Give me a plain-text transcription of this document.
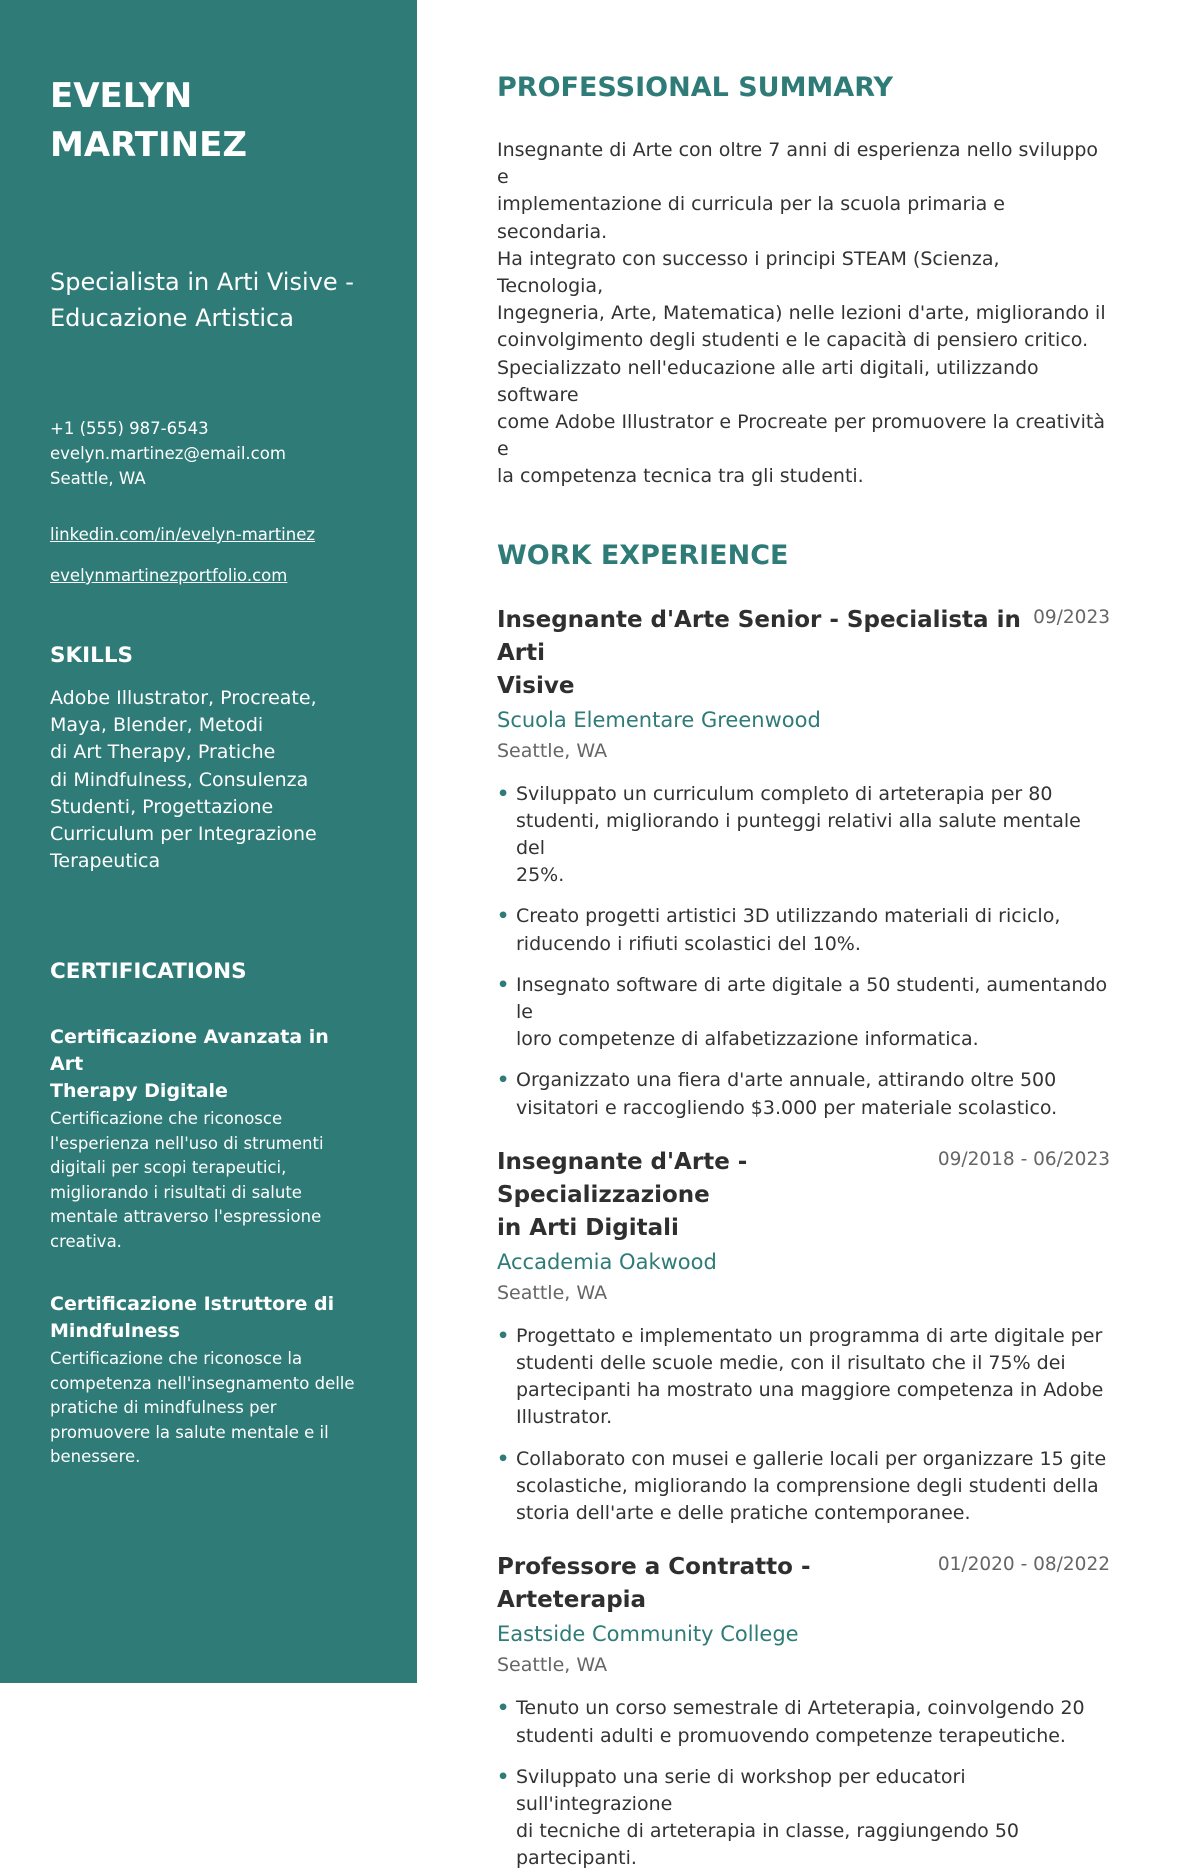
EVELYN
MARTINEZ
Specialista in Arti Visive -
Educazione Artistica
+1 (555) 987-6543
evelyn.martinez@email.com
Seattle, WA
linkedin.com/in/evelyn-martinez
evelynmartinezportfolio.com
SKILLS
Adobe Illustrator, Procreate,
Maya, Blender, Metodi
di Art Therapy, Pratiche
di Mindfulness, Consulenza
Studenti, Progettazione
Curriculum per Integrazione
Terapeutica
CERTIFICATIONS
Certificazione Avanzata in Art
Therapy Digitale
Certificazione che riconosce
l'esperienza nell'uso di strumenti
digitali per scopi terapeutici,
migliorando i risultati di salute
mentale attraverso l'espressione
creativa.
Certificazione Istruttore di
Mindfulness
Certificazione che riconosce la
competenza nell'insegnamento delle
pratiche di mindfulness per
promuovere la salute mentale e il
benessere.
PROFESSIONAL SUMMARY
Insegnante di Arte con oltre 7 anni di esperienza nello sviluppo e
implementazione di curricula per la scuola primaria e secondaria.
Ha integrato con successo i principi STEAM (Scienza, Tecnologia,
Ingegneria, Arte, Matematica) nelle lezioni d'arte, migliorando il
coinvolgimento degli studenti e le capacità di pensiero critico.
Specializzato nell'educazione alle arti digitali, utilizzando software
come Adobe Illustrator e Procreate per promuovere la creatività e
la competenza tecnica tra gli studenti.
WORK EXPERIENCE
Insegnante d'Arte Senior - Specialista in Arti
Visive
09/2023
Scuola Elementare Greenwood
Seattle, WA
• Sviluppato un curriculum completo di arteterapia per 80
studenti, migliorando i punteggi relativi alla salute mentale del
25%.
• Creato progetti artistici 3D utilizzando materiali di riciclo,
riducendo i rifiuti scolastici del 10%.
• Insegnato software di arte digitale a 50 studenti, aumentando le
loro competenze di alfabetizzazione informatica.
• Organizzato una fiera d'arte annuale, attirando oltre 500
visitatori e raccogliendo $3.000 per materiale scolastico.
Insegnante d'Arte - Specializzazione
in Arti Digitali
09/2018 - 06/2023
Accademia Oakwood
Seattle, WA
• Progettato e implementato un programma di arte digitale per
studenti delle scuole medie, con il risultato che il 75% dei
partecipanti ha mostrato una maggiore competenza in Adobe
Illustrator.
• Collaborato con musei e gallerie locali per organizzare 15 gite
scolastiche, migliorando la comprensione degli studenti della
storia dell'arte e delle pratiche contemporanee.
Professore a Contratto - Arteterapia
01/2020 - 08/2022
Eastside Community College
Seattle, WA
• Tenuto un corso semestrale di Arteterapia, coinvolgendo 20
studenti adulti e promuovendo competenze terapeutiche.
• Sviluppato una serie di workshop per educatori sull'integrazione
di tecniche di arteterapia in classe, raggiungendo 50 partecipanti.
